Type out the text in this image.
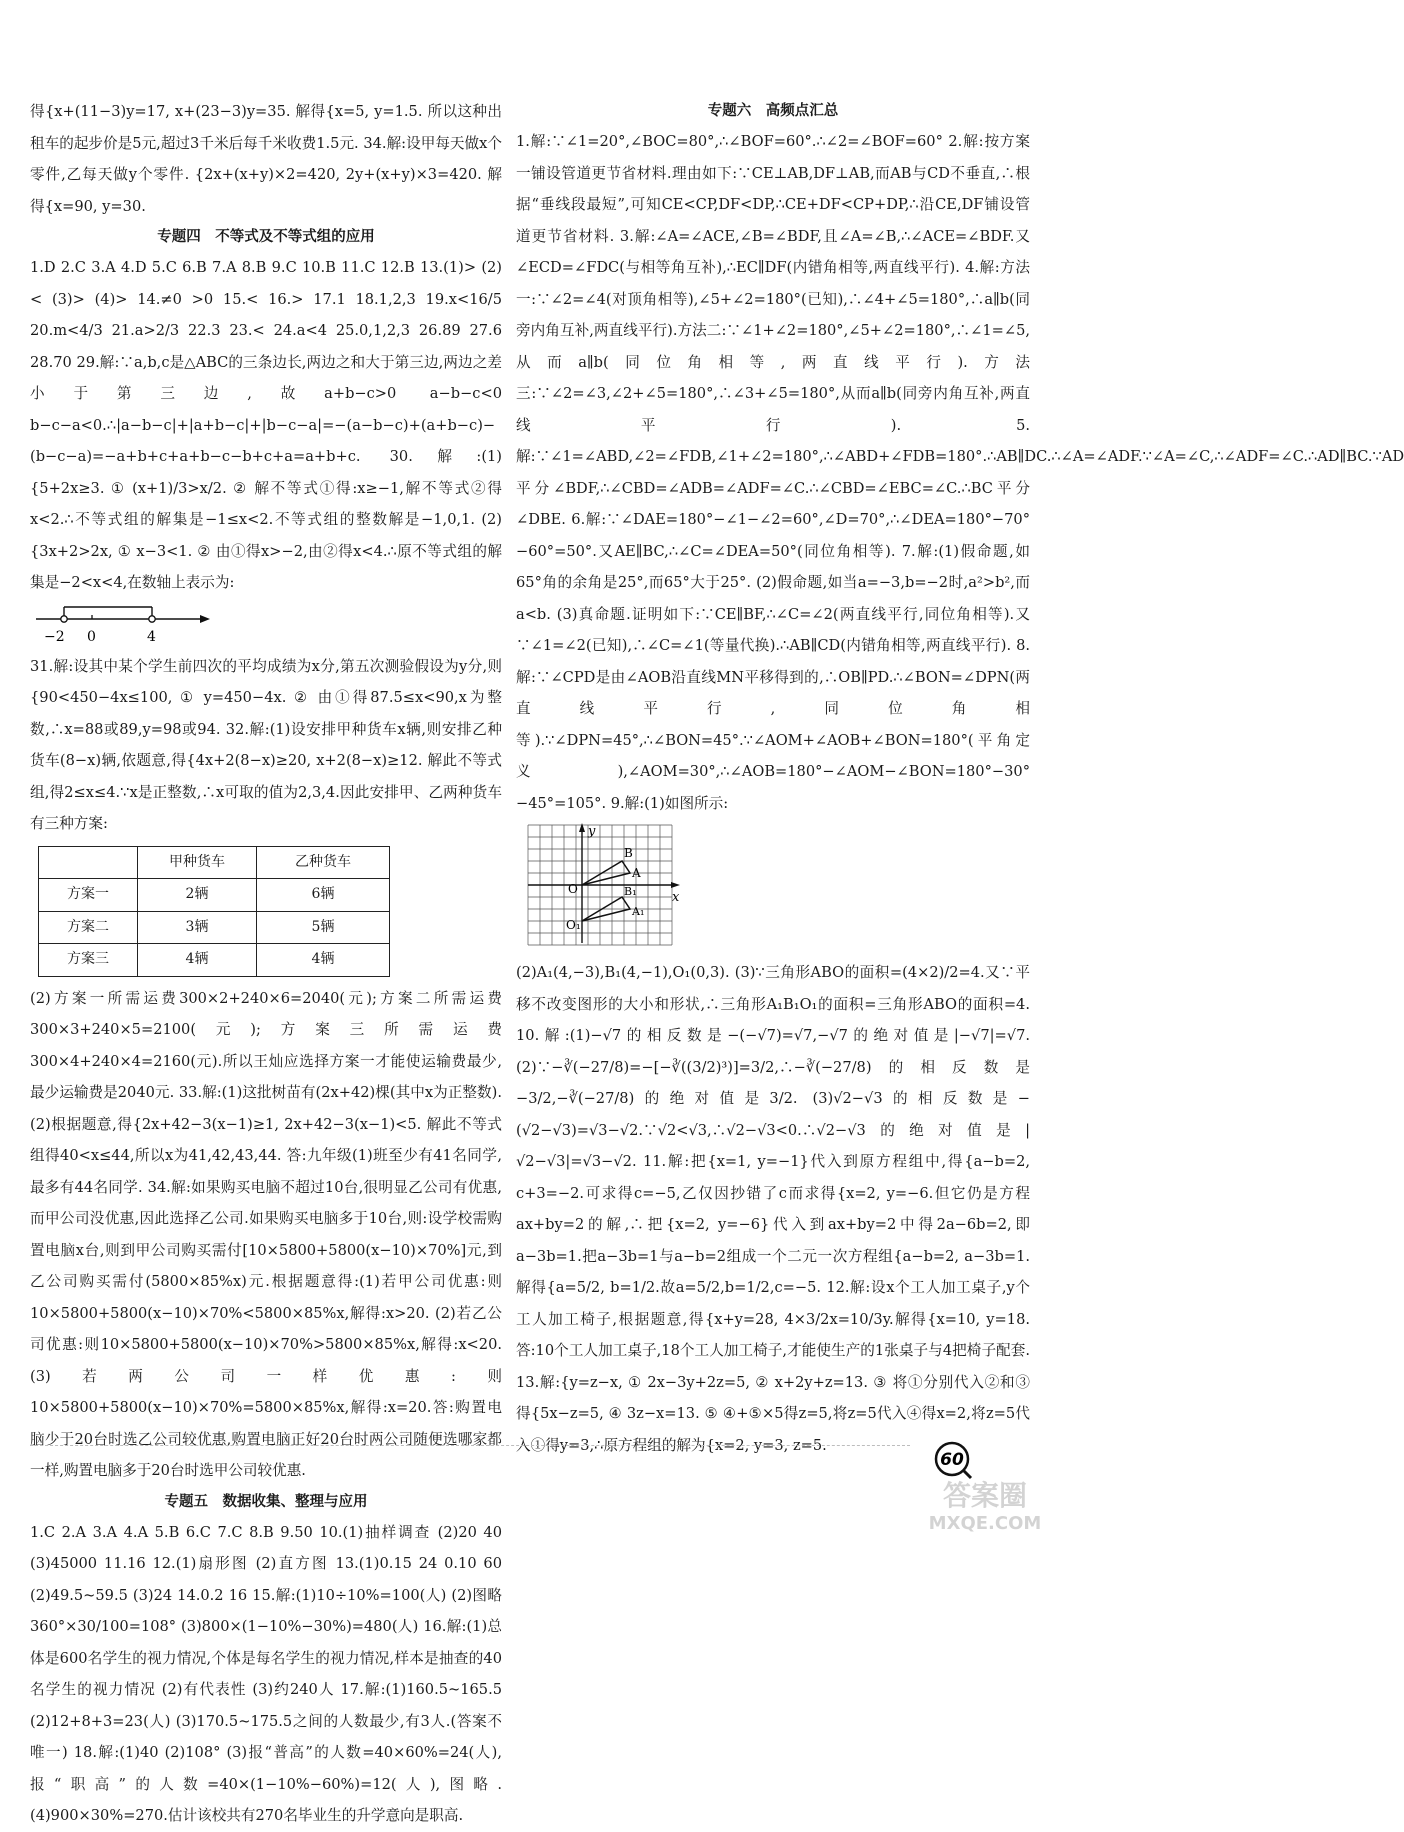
得{x+(11−3)y=17, x+(23−3)y=35. 解得{x=5, y=1.5. 所以这种出租车的起步价是5元,超过3千米后每千米收费1.5元. 34.解:设甲每天做x个零件,乙每天做y个零件. {2x+(x+y)×2=420, 2y+(x+y)×3=420. 解得{x=90, y=30.

专题四　不等式及不等式组的应用

1.D 2.C 3.A 4.D 5.C 6.B 7.A 8.B 9.C 10.B 11.C 12.B 13.(1)> (2)< (3)> (4)> 14.≠0 >0 15.< 16.> 17.1 18.1,2,3 19.x<16/5 20.m<4/3 21.a>2/3 22.3 23.< 24.a<4 25.0,1,2,3 26.89 27.6 28.70 29.解:∵a,b,c是△ABC的三条边长,两边之和大于第三边,两边之差小于第三边,故a+b−c>0 a−b−c<0 b−c−a<0.∴|a−b−c|+|a+b−c|+|b−c−a|=−(a−b−c)+(a+b−c)−(b−c−a)=−a+b+c+a+b−c−b+c+a=a+b+c. 30.解:(1){5+2x≥3. ① (x+1)/3>x/2. ② 解不等式①得:x≥−1,解不等式②得x<2.∴不等式组的解集是−1≤x<2.不等式组的整数解是−1,0,1. (2){3x+2>2x, ① x−3<1. ② 由①得x>−2,由②得x<4.∴原不等式组的解集是−2<x<4,在数轴上表示为:

−2 0	4

31.解:设其中某个学生前四次的平均成绩为x分,第五次测验假设为y分,则{90<450−4x≤100, ① y=450−4x. ② 由①得87.5≤x<90,x为整数,∴x=88或89,y=98或94. 32.解:(1)设安排甲种货车x辆,则安排乙种货车(8−x)辆,依题意,得{4x+2(8−x)≥20, x+2(8−x)≥12. 解此不等式组,得2≤x≤4.∵x是正整数,∴x可取的值为2,3,4.因此安排甲、乙两种货车有三种方案:

	甲种货车	乙种货车
方案一	2辆	6辆
方案二	3辆	5辆
方案三	4辆	4辆

(2)方案一所需运费300×2+240×6=2040(元);方案二所需运费300×3+240×5=2100(元);方案三所需运费300×4+240×4=2160(元).所以王灿应选择方案一才能使运输费最少,最少运输费是2040元. 33.解:(1)这批树苗有(2x+42)棵(其中x为正整数). (2)根据题意,得{2x+42−3(x−1)≥1, 2x+42−3(x−1)<5. 解此不等式组得40<x≤44,所以x为41,42,43,44. 答:九年级(1)班至少有41名同学,最多有44名同学. 34.解:如果购买电脑不超过10台,很明显乙公司有优惠,而甲公司没优惠,因此选择乙公司.如果购买电脑多于10台,则:设学校需购置电脑x台,则到甲公司购买需付[10×5800+5800(x−10)×70%]元,到乙公司购买需付(5800×85%x)元.根据题意得:(1)若甲公司优惠:则10×5800+5800(x−10)×70%<5800×85%x,解得:x>20. (2)若乙公司优惠:则10×5800+5800(x−10)×70%>5800×85%x,解得:x<20. (3)若两公司一样优惠:则10×5800+5800(x−10)×70%=5800×85%x,解得:x=20.答:购置电脑少于20台时选乙公司较优惠,购置电脑正好20台时两公司随便选哪家都一样,购置电脑多于20台时选甲公司较优惠.

专题五　数据收集、整理与应用

1.C 2.A 3.A 4.A 5.B 6.C 7.C 8.B 9.50 10.(1)抽样调查 (2)20 40 (3)45000 11.16 12.(1)扇形图 (2)直方图 13.(1)0.15 24 0.10 60 (2)49.5~59.5 (3)24 14.0.2 16 15.解:(1)10÷10%=100(人) (2)图略 360°×30/100=108° (3)800×(1−10%−30%)=480(人) 16.解:(1)总体是600名学生的视力情况,个体是每名学生的视力情况,样本是抽查的40名学生的视力情况 (2)有代表性 (3)约240人 17.解:(1)160.5~165.5 (2)12+8+3=23(人) (3)170.5~175.5之间的人数最少,有3人.(答案不唯一) 18.解:(1)40 (2)108° (3)报“普高”的人数=40×60%=24(人),报“职高”的人数=40×(1−10%−60%)=12(人),图略. (4)900×30%=270.估计该校共有270名毕业生的升学意向是职高.

专题六　高频点汇总

1.解:∵∠1=20°,∠BOC=80°,∴∠BOF=60°.∴∠2=∠BOF=60° 2.解:按方案一铺设管道更节省材料.理由如下:∵CE⊥AB,DF⊥AB,而AB与CD不垂直,∴根据“垂线段最短”,可知CE<CP,DF<DP,∴CE+DF<CP+DP,∴沿CE,DF铺设管道更节省材料. 3.解:∠A=∠ACE,∠B=∠BDF,且∠A=∠B,∴∠ACE=∠BDF.又∠ECD=∠FDC(与相等角互补),∴EC∥DF(内错角相等,两直线平行). 4.解:方法一:∵∠2=∠4(对顶角相等),∠5+∠2=180°(已知),∴∠4+∠5=180°,∴a∥b(同旁内角互补,两直线平行).方法二:∵∠1+∠2=180°,∠5+∠2=180°,∴∠1=∠5,从而a∥b(同位角相等,两直线平行).方法三:∵∠2=∠3,∠2+∠5=180°,∴∠3+∠5=180°,从而a∥b(同旁内角互补,两直线平行). 5.解:∵∠1=∠ABD,∠2=∠FDB,∠1+∠2=180°,∴∠ABD+∠FDB=180°.∴AB∥DC.∴∠A=∠ADF.∵∠A=∠C,∴∠ADF=∠C.∴AD∥BC.∵AD平分∠BDF,∴∠CBD=∠ADB=∠ADF=∠C.∴∠CBD=∠EBC=∠C.∴BC平分∠DBE. 6.解:∵∠DAE=180°−∠1−∠2=60°,∠D=70°,∴∠DEA=180°−70°−60°=50°.又AE∥BC,∴∠C=∠DEA=50°(同位角相等). 7.解:(1)假命题,如65°角的余角是25°,而65°大于25°. (2)假命题,如当a=−3,b=−2时,a²>b²,而a<b. (3)真命题.证明如下:∵CE∥BF,∴∠C=∠2(两直线平行,同位角相等).又∵∠1=∠2(已知),∴∠C=∠1(等量代换).∴AB∥CD(内错角相等,两直线平行). 8.解:∵∠CPD是由∠AOB沿直线MN平移得到的,∴OB∥PD.∴∠BON=∠DPN(两直线平行,同位角相等).∵∠DPN=45°,∴∠BON=45°.∵∠AOM+∠AOB+∠BON=180°(平角定义),∠AOM=30°,∴∠AOB=180°−∠AOM−∠BON=180°−30°−45°=105°. 9.解:(1)如图所示:

y
x
O
B
A
O₁
B₁
A₁

(2)A₁(4,−3),B₁(4,−1),O₁(0,3). (3)∵三角形ABO的面积=(4×2)/2=4.又∵平移不改变图形的大小和形状,∴三角形A₁B₁O₁的面积=三角形ABO的面积=4. 10.解:(1)−√7的相反数是−(−√7)=√7,−√7的绝对值是|−√7|=√7. (2)∵−∛(−27/8)=−[−∛((3/2)³)]=3/2,∴−∛(−27/8)的相反数是−3/2,−∛(−27/8)的绝对值是3/2. (3)√2−√3的相反数是−(√2−√3)=√3−√2.∵√2<√3,∴√2−√3<0.∴√2−√3的绝对值是|√2−√3|=√3−√2. 11.解:把{x=1, y=−1}代入到原方程组中,得{a−b=2, c+3=−2.可求得c=−5,乙仅因抄错了c而求得{x=2, y=−6.但它仍是方程ax+by=2的解,∴把{x=2, y=−6}代入到ax+by=2中得2a−6b=2,即a−3b=1.把a−3b=1与a−b=2组成一个二元一次方程组{a−b=2, a−3b=1.解得{a=5/2, b=1/2.故a=5/2,b=1/2,c=−5. 12.解:设x个工人加工桌子,y个工人加工椅子,根据题意,得{x+y=28, 4×3/2x=10/3y.解得{x=10, y=18.答:10个工人加工桌子,18个工人加工椅子,才能使生产的1张桌子与4把椅子配套. 13.解:{y=z−x, ① 2x−3y+2z=5, ② x+2y+z=13. ③ 将①分别代入②和③得{5x−z=5, ④ 3z−x=13. ⑤ ④+⑤×5得z=5,将z=5代入④得x=2,将z=5代入①得y=3,∴原方程组的解为{x=2, y=3, z=5.

60
答案圈
MXQE.COM
